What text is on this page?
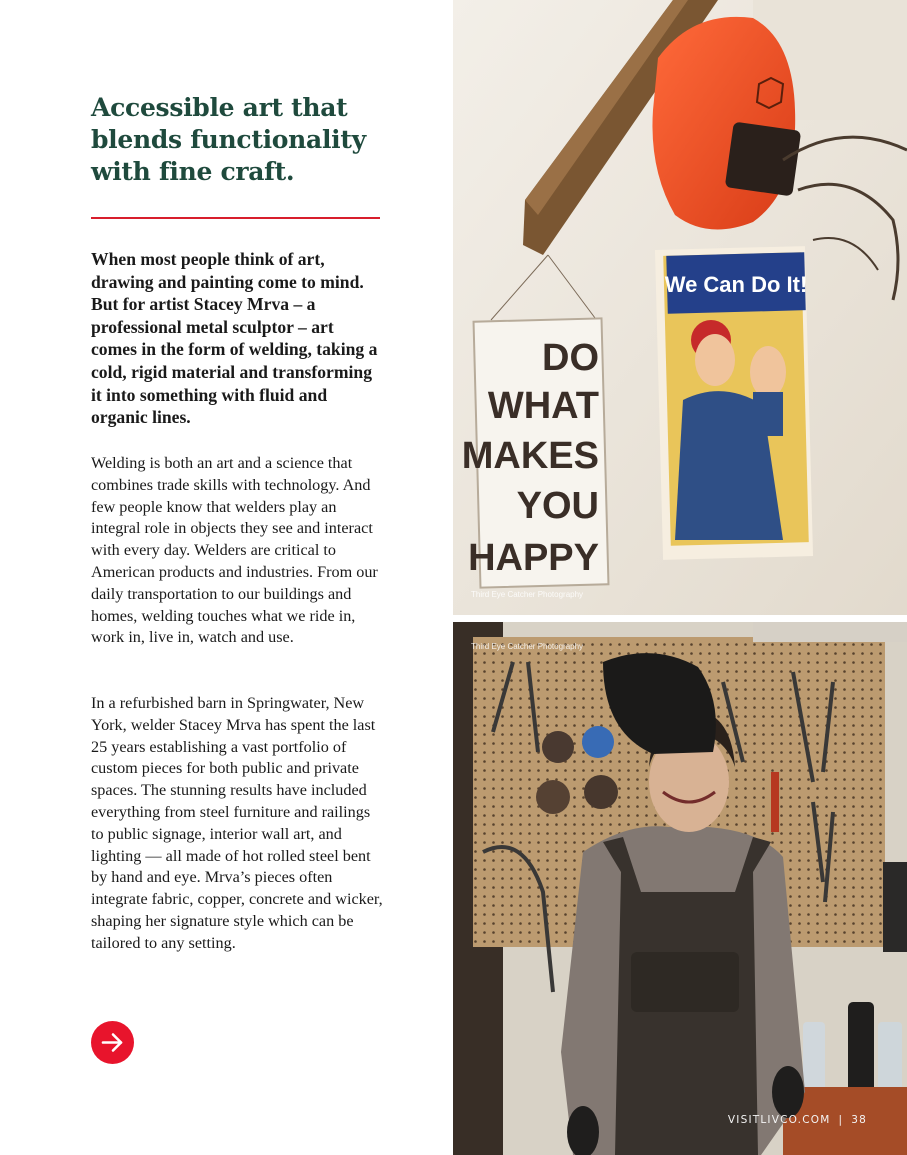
Accessible art that blends functionality with fine craft.

When most people think of art, drawing and painting come to mind. But for artist Stacey Mrva – a professional metal sculptor – art comes in the form of welding, taking a cold, rigid material and transforming it into something with fluid and organic lines.

Welding is both an art and a science that combines trade skills with technology. And few people know that welders play an integral role in objects they see and interact with every day. Welders are critical to American products and industries. From our daily transportation to our buildings and homes, welding touches what we ride in, work in, live in, watch and use.

In a refurbished barn in Springwater, New York, welder Stacey Mrva has spent the last 25 years establishing a vast portfolio of custom pieces for both public and private spaces. The stunning results have included everything from steel furniture and railings to public signage, interior wall art, and lighting — all made of hot rolled steel bent by hand and eye. Mrva’s pieces often integrate fabric, copper, concrete and wicker, shaping her signature style which can be tailored to any setting.

DO
WHAT
MAKES
YOU
HAPPY
We Can Do It!
Third Eye Catcher Photography
Third Eye Catcher Photography
VISITLIVCO.COM | 38
